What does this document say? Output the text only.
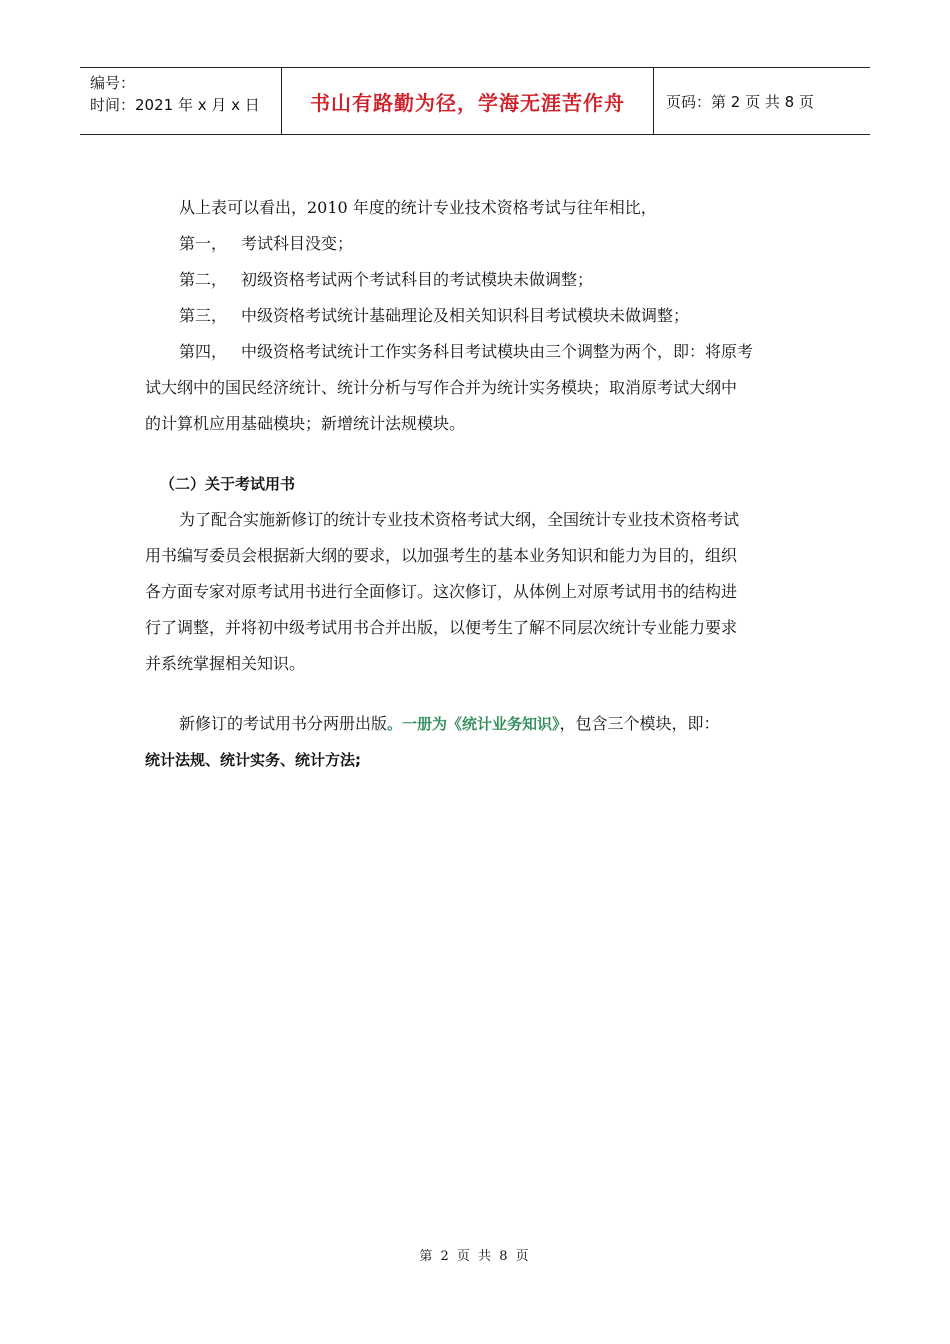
编号：
时间：2021 年 x 月 x 日	书山有路勤为径，学海无涯苦作舟	页码：第 2 页 共 8 页

从上表可以看出，2010 年度的统计专业技术资格考试与往年相比，

第一， 考试科目没变；

第二， 初级资格考试两个考试科目的考试模块未做调整；

第三， 中级资格考试统计基础理论及相关知识科目考试模块未做调整；

第四， 中级资格考试统计工作实务科目考试模块由三个调整为两个，即：将原考

试大纲中的国民经济统计、统计分析与写作合并为统计实务模块；取消原考试大纲中

的计算机应用基础模块；新增统计法规模块。

（二）关于考试用书

为了配合实施新修订的统计专业技术资格考试大纲，全国统计专业技术资格考试

用书编写委员会根据新大纲的要求，以加强考生的基本业务知识和能力为目的，组织

各方面专家对原考试用书进行全面修订。这次修订，从体例上对原考试用书的结构进

行了调整，并将初中级考试用书合并出版，以便考生了解不同层次统计专业能力要求

并系统掌握相关知识。

新修订的考试用书分两册出版。一册为《统计业务知识》，包含三个模块，即：

统计法规、统计实务、统计方法;

第 2 页 共 8 页
